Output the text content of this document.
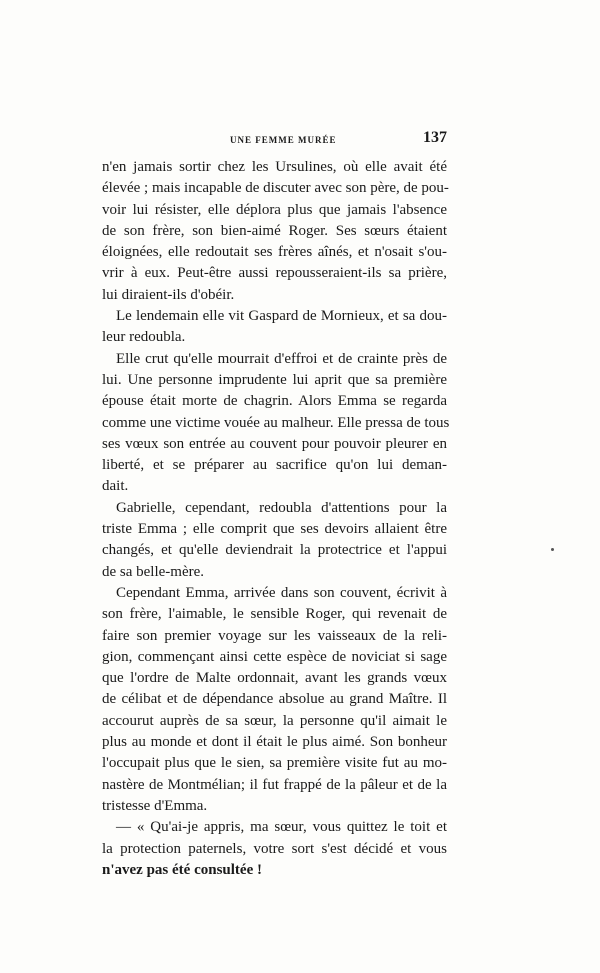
UNE FEMME MURÉE	137
n'en jamais sortir chez les Ursulines, où elle avait été
élevée ; mais incapable de discuter avec son père, de pou-
voir lui résister, elle déplora plus que jamais l'absence
de son frère, son bien-aimé Roger. Ses sœurs étaient
éloignées, elle redoutait ses frères aînés, et n'osait s'ou-
vrir à eux. Peut-être aussi repousseraient-ils sa prière,
lui diraient-ils d'obéir.
Le lendemain elle vit Gaspard de Mornieux, et sa dou-
leur redoubla.
Elle crut qu'elle mourrait d'effroi et de crainte près de
lui. Une personne imprudente lui aprit que sa première
épouse était morte de chagrin. Alors Emma se regarda
comme une victime vouée au malheur. Elle pressa de tous
ses vœux son entrée au couvent pour pouvoir pleurer en
liberté, et se préparer au sacrifice qu'on lui deman-
dait.
Gabrielle, cependant, redoubla d'attentions pour la
triste Emma ; elle comprit que ses devoirs allaient être
changés, et qu'elle deviendrait la protectrice et l'appui
de sa belle-mère.
Cependant Emma, arrivée dans son couvent, écrivit à
son frère, l'aimable, le sensible Roger, qui revenait de
faire son premier voyage sur les vaisseaux de la reli-
gion, commençant ainsi cette espèce de noviciat si sage
que l'ordre de Malte ordonnait, avant les grands vœux
de célibat et de dépendance absolue au grand Maître. Il
accourut auprès de sa sœur, la personne qu'il aimait le
plus au monde et dont il était le plus aimé. Son bonheur
l'occupait plus que le sien, sa première visite fut au mo-
nastère de Montmélian; il fut frappé de la pâleur et de la
tristesse d'Emma.
— « Qu'ai-je appris, ma sœur, vous quittez le toit et
la protection paternels, votre sort s'est décidé et vous
n'avez pas été consultée !
